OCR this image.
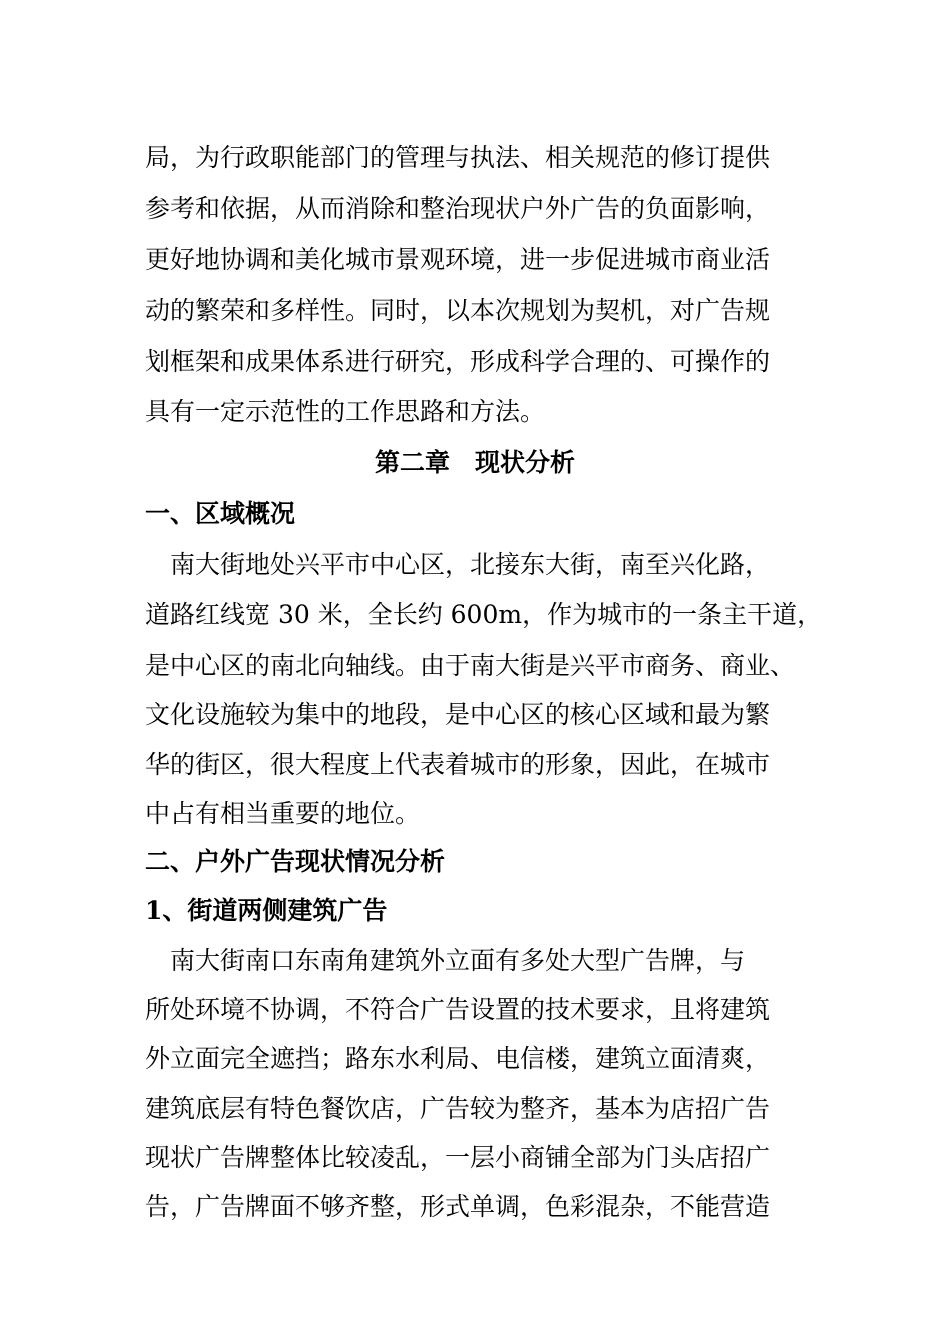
局，为行政职能部门的管理与执法、相关规范的修订提供
参考和依据，从而消除和整治现状户外广告的负面影响，
更好地协调和美化城市景观环境，进一步促进城市商业活
动的繁荣和多样性。同时，以本次规划为契机，对广告规
划框架和成果体系进行研究，形成科学合理的、可操作的
具有一定示范性的工作思路和方法。
第二章　现状分析
一、区域概况
　南大街地处兴平市中心区，北接东大街，南至兴化路，
道路红线宽 30 米，全长约 600m，作为城市的一条主干道，
是中心区的南北向轴线。由于南大街是兴平市商务、商业、
文化设施较为集中的地段，是中心区的核心区域和最为繁
华的街区，很大程度上代表着城市的形象，因此，在城市
中占有相当重要的地位。
二、户外广告现状情况分析
1、街道两侧建筑广告
　南大街南口东南角建筑外立面有多处大型广告牌，与
所处环境不协调，不符合广告设置的技术要求，且将建筑
外立面完全遮挡；路东水利局、电信楼，建筑立面清爽，
建筑底层有特色餐饮店，广告较为整齐，基本为店招广告
现状广告牌整体比较凌乱，一层小商铺全部为门头店招广
告，广告牌面不够齐整，形式单调，色彩混杂，不能营造
